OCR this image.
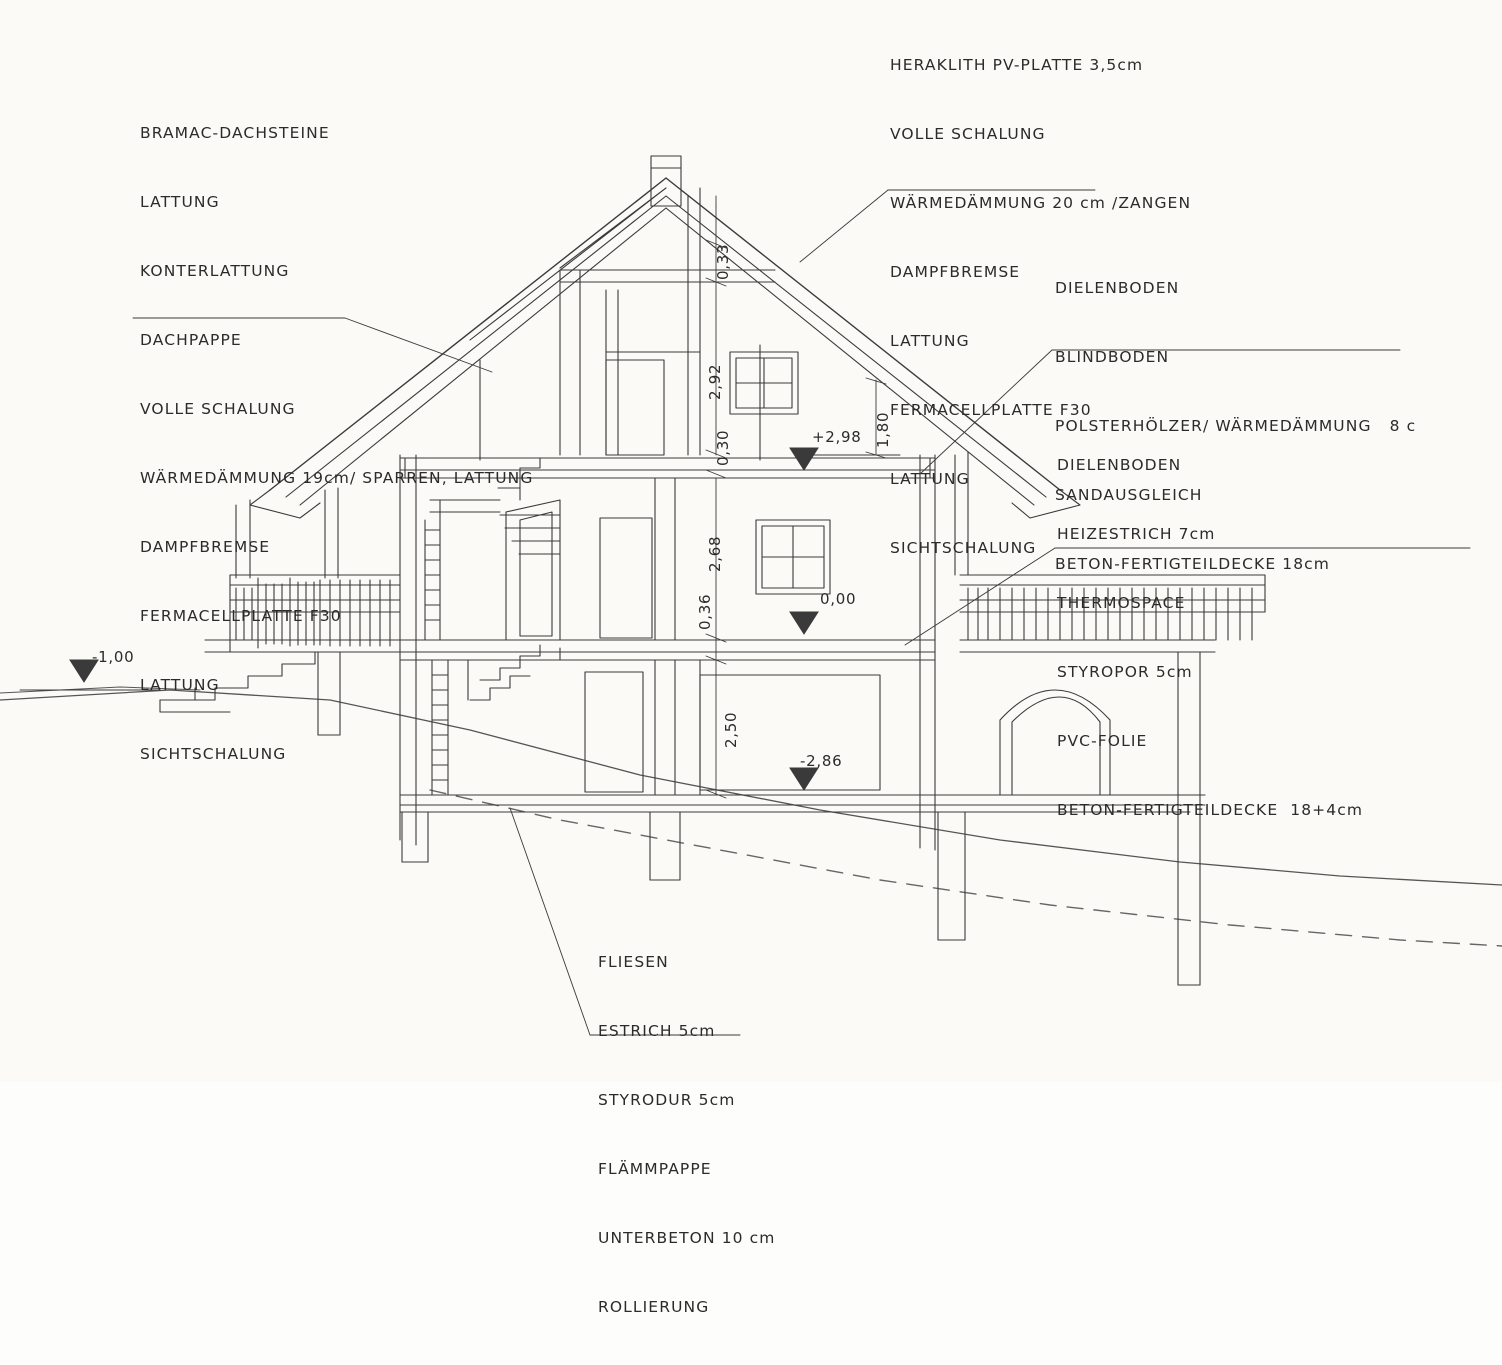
BRAMAC-DACHSTEINE

LATTUNG

KONTERLATTUNG

DACHPAPPE

VOLLE SCHALUNG

WÄRMEDÄMMUNG 19cm/ SPARREN, LATTUNG

DAMPFBREMSE

FERMACELLPLATTE F30

LATTUNG

SICHTSCHALUNG

HERAKLITH PV-PLATTE 3,5cm

VOLLE SCHALUNG

WÄRMEDÄMMUNG 20 cm /ZANGEN

DAMPFBREMSE

LATTUNG

FERMACELLPLATTE F30

LATTUNG

SICHTSCHALUNG

DIELENBODEN

BLINDBODEN

POLSTERHÖLZER/ WÄRMEDÄMMUNG   8 c

SANDAUSGLEICH

BETON-FERTIGTEILDECKE 18cm

DIELENBODEN

HEIZESTRICH 7cm

THERMOSPACE

STYROPOR 5cm

PVC-FOLIE

BETON-FERTIGTEILDECKE  18+4cm

FLIESEN

ESTRICH 5cm

STYRODUR 5cm

FLÄMMPAPPE

UNTERBETON 10 cm

ROLLIERUNG

0,33
2,92
0,30
2,68
0,36
2,50
1,80
-1,00
+2,98
0,00
-2,86
